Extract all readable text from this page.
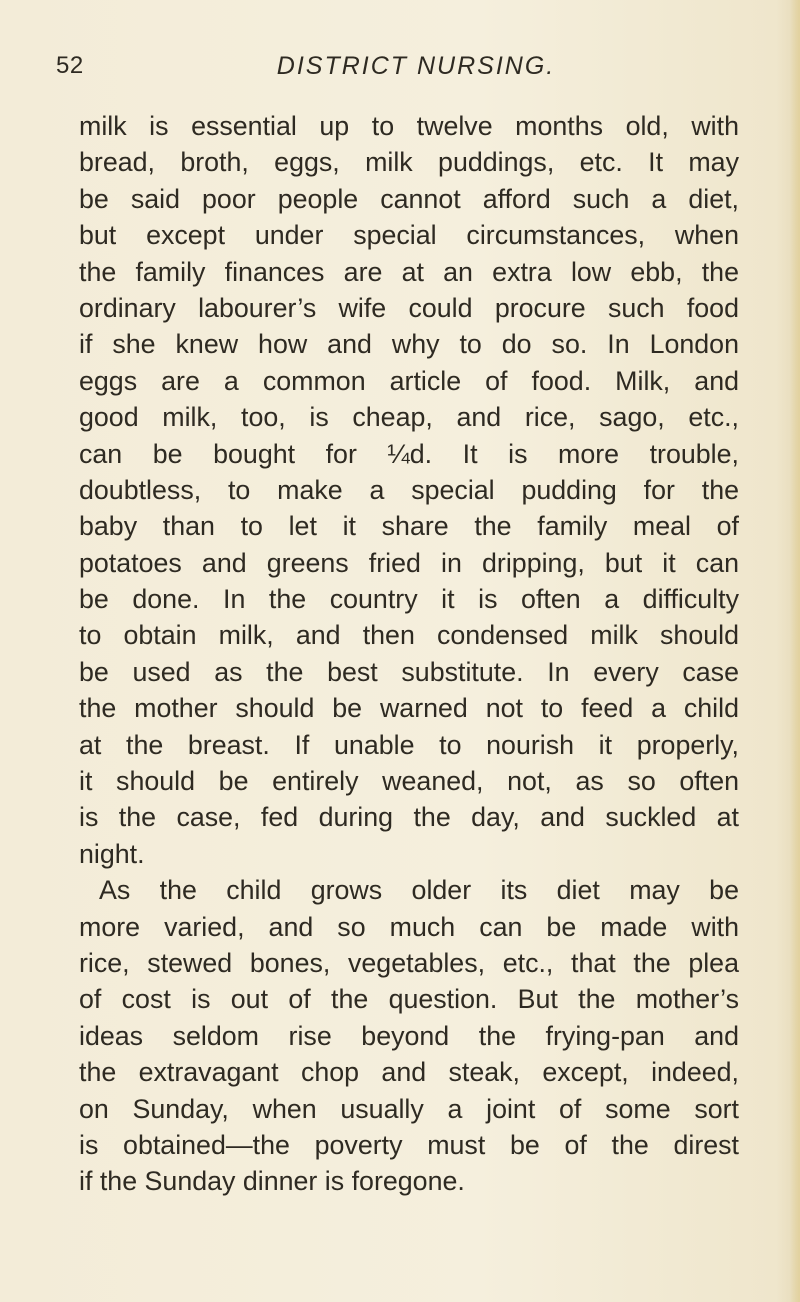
52	DISTRICT NURSING.
milk is essential up to twelve months old, with
bread, broth, eggs, milk puddings, etc. It may
be said poor people cannot afford such a diet,
but except under special circumstances, when
the family finances are at an extra low ebb, the
ordinary labourer’s wife could procure such food
if she knew how and why to do so. In London
eggs are a common article of food. Milk, and
good milk, too, is cheap, and rice, sago, etc.,
can be bought for ¼d. It is more trouble,
doubtless, to make a special pudding for the
baby than to let it share the family meal of
potatoes and greens fried in dripping, but it can
be done. In the country it is often a difficulty
to obtain milk, and then condensed milk should
be used as the best substitute. In every case
the mother should be warned not to feed a child
at the breast. If unable to nourish it properly,
it should be entirely weaned, not, as so often
is the case, fed during the day, and suckled at
night.
As the child grows older its diet may be
more varied, and so much can be made with
rice, stewed bones, vegetables, etc., that the plea
of cost is out of the question. But the mother’s
ideas seldom rise beyond the frying-pan and
the extravagant chop and steak, except, indeed,
on Sunday, when usually a joint of some sort
is obtained—the poverty must be of the direst
if the Sunday dinner is foregone.
